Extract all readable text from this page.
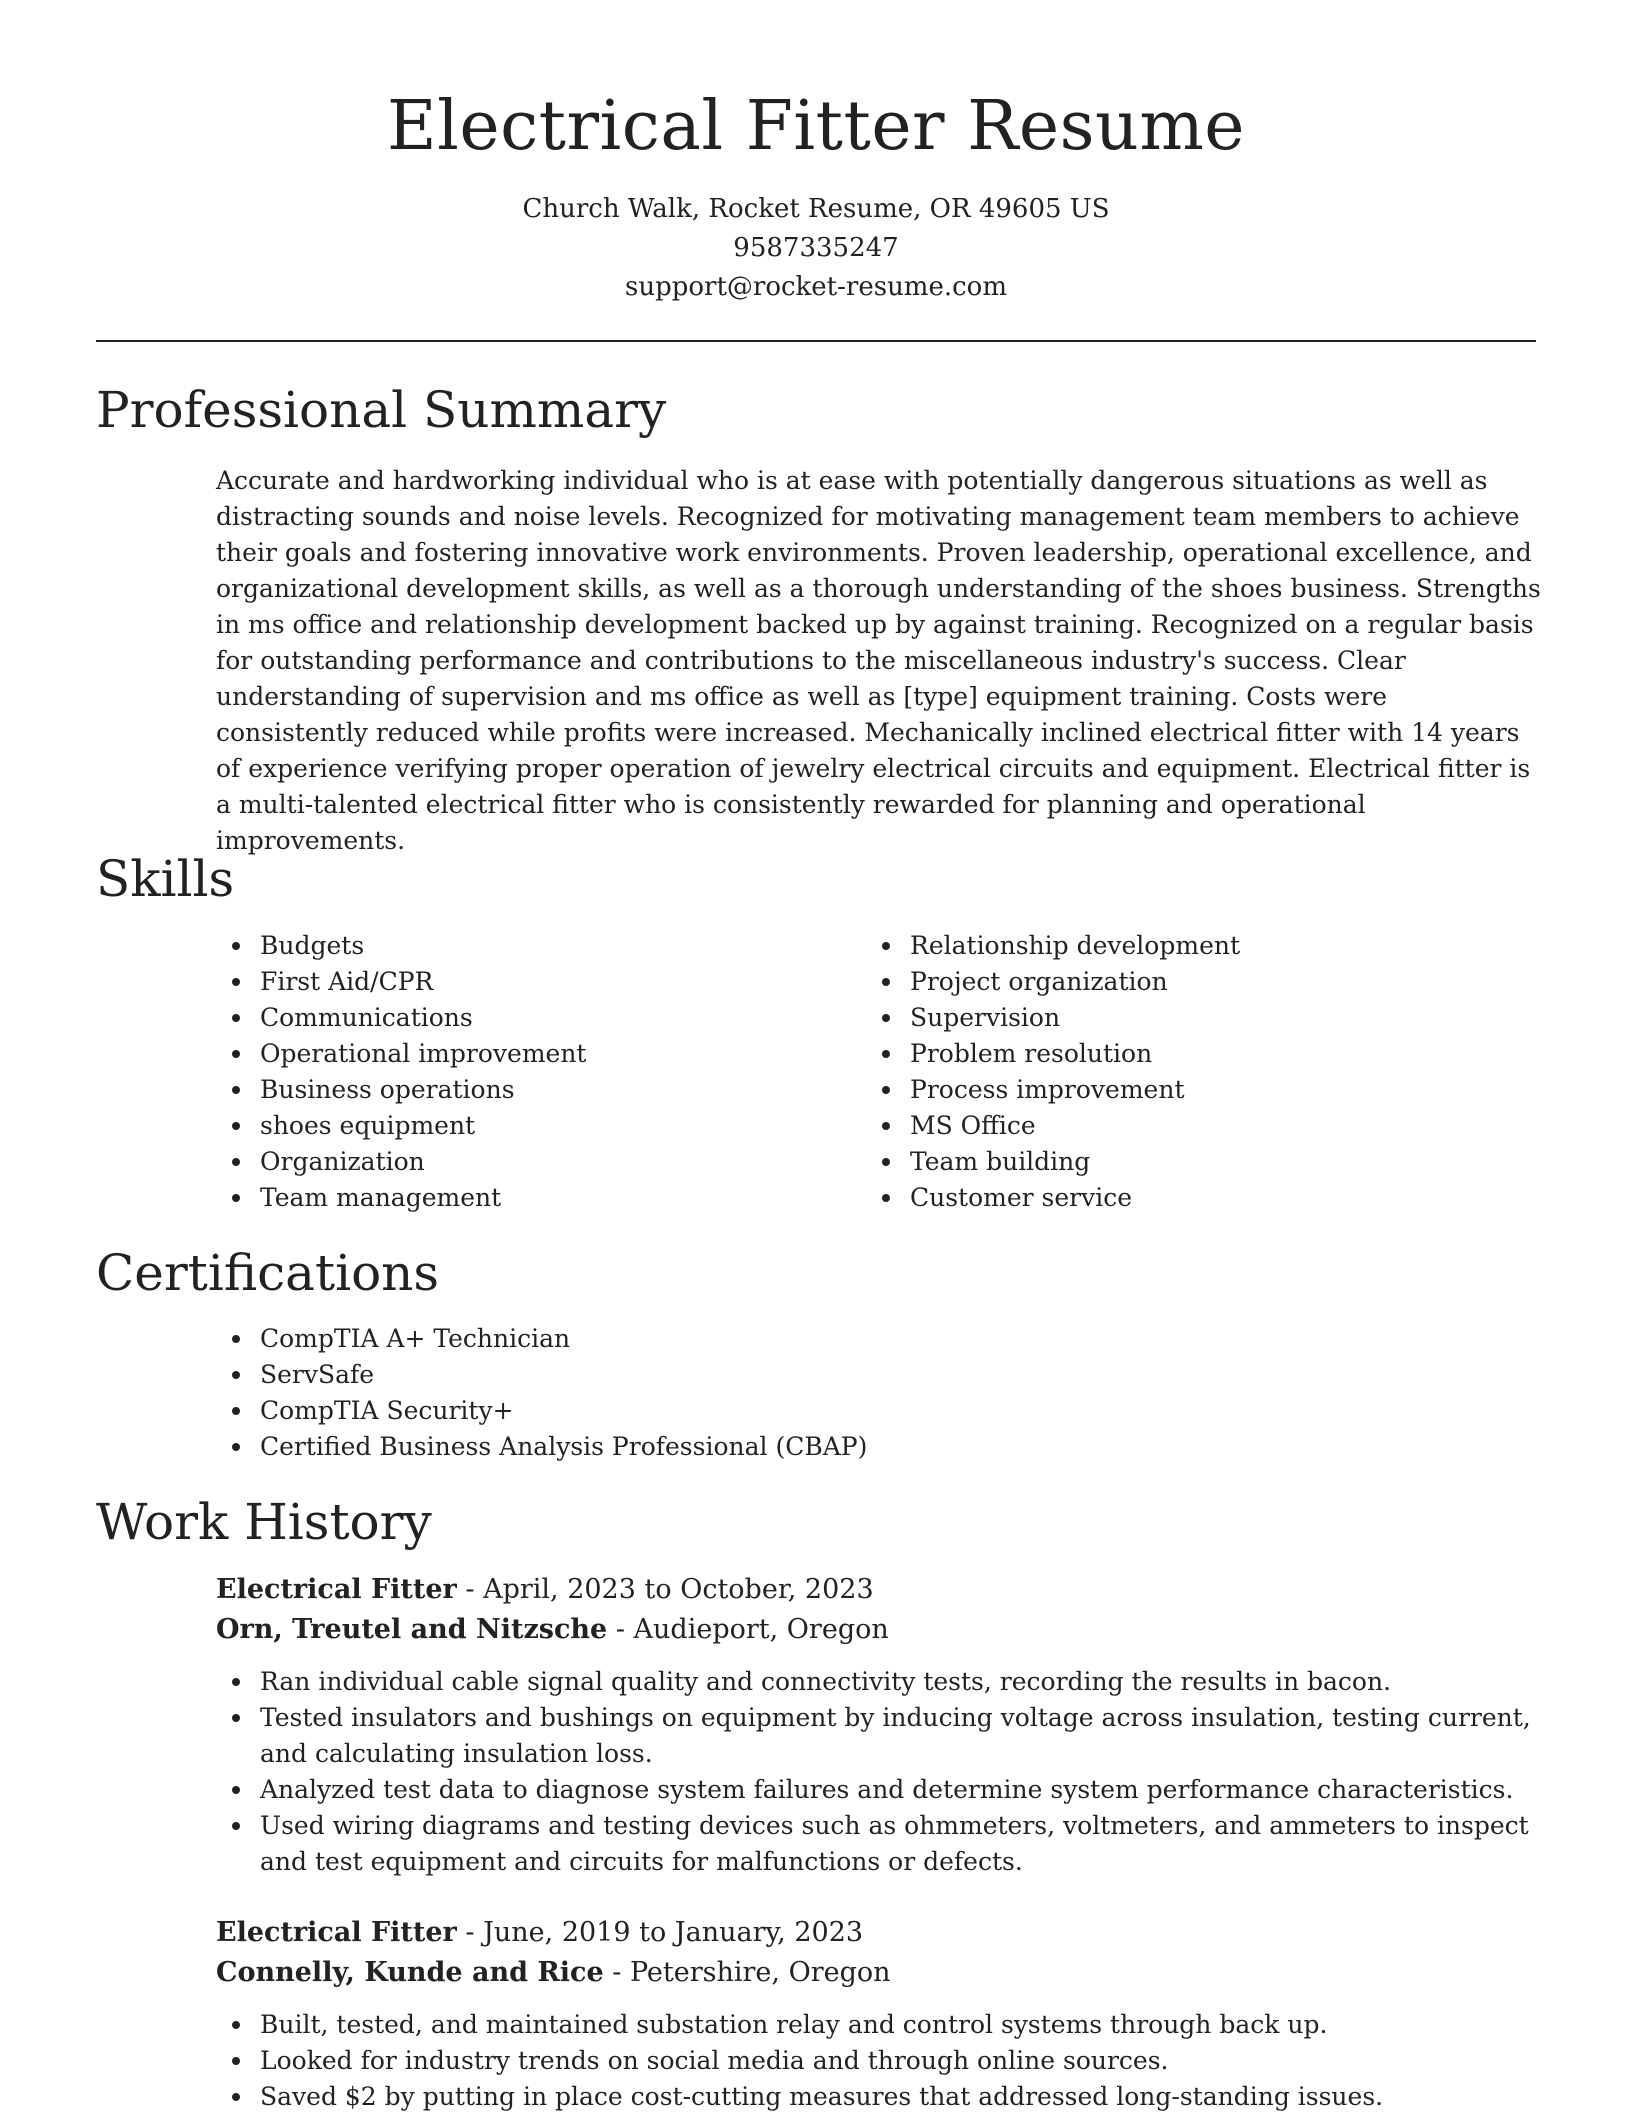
Electrical Fitter Resume
Church Walk, Rocket Resume, OR 49605 US
9587335247
support@rocket-resume.com
Professional Summary

Accurate and hardworking individual who is at ease with potentially dangerous situations as well as distracting sounds and noise levels. Recognized for motivating management team members to achieve their goals and fostering innovative work environments. Proven leadership, operational excellence, and organizational development skills, as well as a thorough understanding of the shoes business. Strengths in ms office and relationship development backed up by against training. Recognized on a regular basis for outstanding performance and contributions to the miscellaneous industry's success. Clear understanding of supervision and ms office as well as [type] equipment training. Costs were consistently reduced while profits were increased. Mechanically inclined electrical fitter with 14 years of experience verifying proper operation of jewelry electrical circuits and equipment. Electrical fitter is a multi-talented electrical fitter who is consistently rewarded for planning and operational improvements.

Skills
Budgets
First Aid/CPR
Communications
Operational improvement
Business operations
shoes equipment
Organization
Team management
Relationship development
Project organization
Supervision
Problem resolution
Process improvement
MS Office
Team building
Customer service
Certifications
CompTIA A+ Technician
ServSafe
CompTIA Security+
Certified Business Analysis Professional (CBAP)
Work History
Electrical Fitter - April, 2023 to October, 2023
Orn, Treutel and Nitzsche - Audieport, Oregon
Ran individual cable signal quality and connectivity tests, recording the results in bacon.
Tested insulators and bushings on equipment by inducing voltage across insulation, testing current, and calculating insulation loss.
Analyzed test data to diagnose system failures and determine system performance characteristics.
Used wiring diagrams and testing devices such as ohmmeters, voltmeters, and ammeters to inspect and test equipment and circuits for malfunctions or defects.
Electrical Fitter - June, 2019 to January, 2023
Connelly, Kunde and Rice - Petershire, Oregon
Built, tested, and maintained substation relay and control systems through back up.
Looked for industry trends on social media and through online sources.
Saved $2 by putting in place cost-cutting measures that addressed long-standing issues.
